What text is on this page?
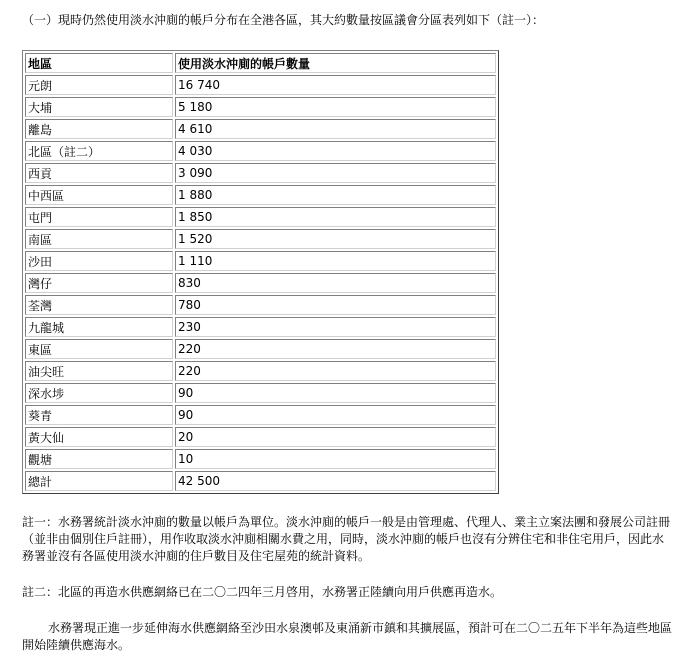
（一）現時仍然使用淡水沖廁的帳戶分布在全港各區，其大約數量按區議會分區表列如下（註一）：
地區	使用淡水沖廁的帳戶數量
元朗	16 740
大埔	5 180
離島	4 610
北區（註二）	4 030
西貢	3 090
中西區	1 880
屯門	1 850
南區	1 520
沙田	1 110
灣仔	830
荃灣	780
九龍城	230
東區	220
油尖旺	220
深水埗	90
葵青	90
黃大仙	20
觀塘	10
總計	42 500
註一：水務署統計淡水沖廁的數量以帳戶為單位。淡水沖廁的帳戶一般是由管理處、代理人、業主立案法團和發展公司註冊（並非由個別住戶註冊），用作收取淡水沖廁相關水費之用，同時，淡水沖廁的帳戶也沒有分辨住宅和非住宅用戶，因此水務署並沒有各區使用淡水沖廁的住戶數目及住宅屋苑的統計資料。
註二：北區的再造水供應網絡已在二〇二四年三月啓用，水務署正陸續向用戶供應再造水。
水務署現正進一步延伸海水供應網絡至沙田水泉澳邨及東涌新市鎮和其擴展區，預計可在二〇二五年下半年為這些地區開始陸續供應海水。
